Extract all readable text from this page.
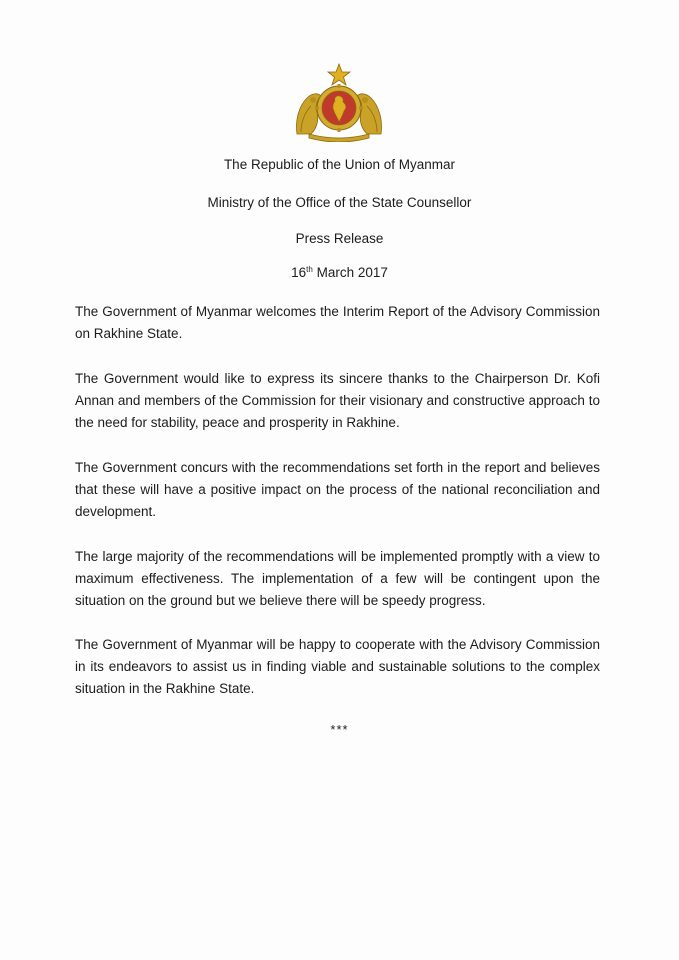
The Republic of the Union of Myanmar
Ministry of the Office of the State Counsellor
Press Release
16th March 2017
The Government of Myanmar welcomes the Interim Report of the Advisory Commission on Rakhine State.
The Government would like to express its sincere thanks to the Chairperson Dr. Kofi Annan and members of the Commission for their visionary and constructive approach to the need for stability, peace and prosperity in Rakhine.
The Government concurs with the recommendations set forth in the report and believes that these will have a positive impact on the process of the national reconciliation and development.
The large majority of the recommendations will be implemented promptly with a view to maximum effectiveness. The implementation of a few will be contingent upon the situation on the ground but we believe there will be speedy progress.
The Government of Myanmar will be happy to cooperate with the Advisory Commission in its endeavors to assist us in finding viable and sustainable solutions to the complex situation in the Rakhine State.
***
